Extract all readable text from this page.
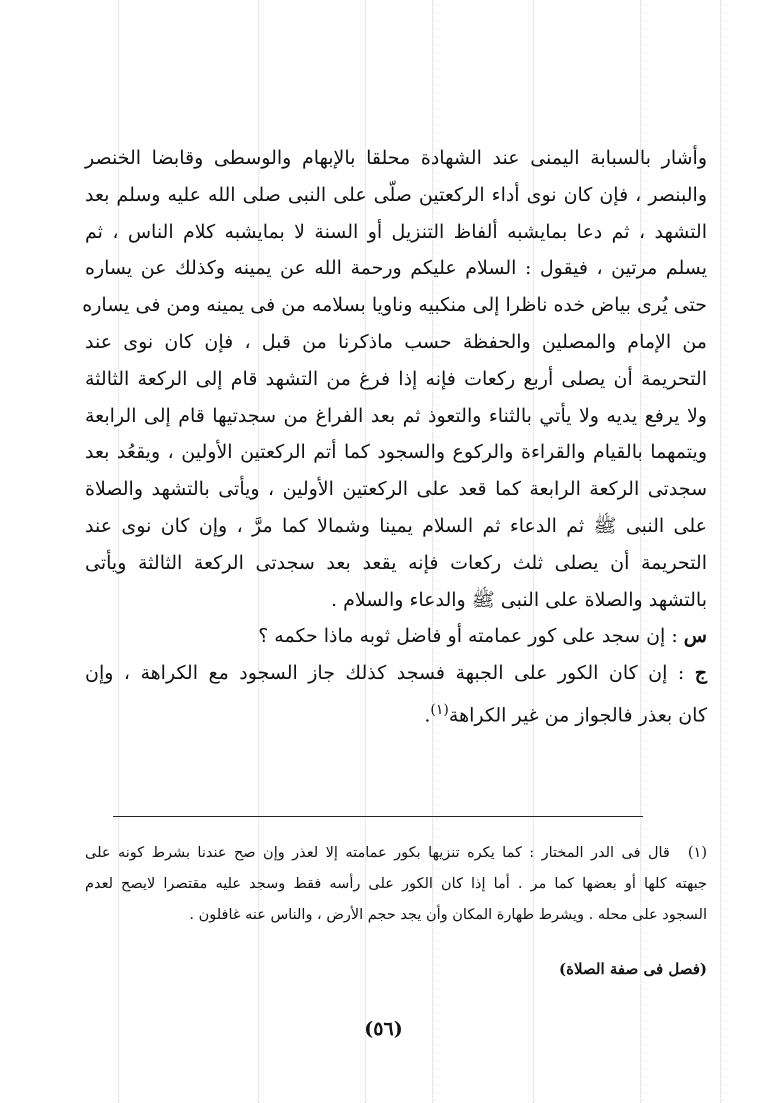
وأشار بالسبابة اليمنى عند الشهادة محلقا بالإبهام والوسطى وقابضا الخنصر
والبنصر ، فإن كان نوى أداء الركعتين صلّى على النبى صلى الله عليه وسلم بعد
التشهد ، ثم دعا بمايشبه ألفاظ التنزيل أو السنة لا بمايشبه كلام الناس ، ثم
يسلم مرتين ، فيقول : السلام عليكم ورحمة الله عن يمينه وكذلك عن يساره
حتى يُرى بياض خده ناظرا إلى منكبيه وناويا بسلامه من فى يمينه ومن فى يساره
من الإمام والمصلين والحفظة حسب ماذكرنا من قبل ، فإن كان نوى عند
التحريمة أن يصلى أربع ركعات فإنه إذا فرغ من التشهد قام إلى الركعة الثالثة
ولا يرفع يديه ولا يأتي بالثناء والتعوذ ثم بعد الفراغ من سجدتيها قام إلى الرابعة
ويتمهما بالقيام والقراءة والركوع والسجود كما أتم الركعتين الأولين ، ويقعُد بعد
سجدتى الركعة الرابعة كما قعد على الركعتين الأولين ، ويأتى بالتشهد والصلاة
على النبى ﷺ ثم الدعاء ثم السلام يمينا وشمالا كما مرَّ ، وإن كان نوى عند
التحريمة أن يصلى ثلث ركعات فإنه يقعد بعد سجدتى الركعة الثالثة ويأتى
بالتشهد والصلاة على النبى ﷺ والدعاء والسلام .
س : إن سجد على كور عمامته أو فاضل ثوبه ماذا حكمه ؟
ج : إن كان الكور على الجبهة فسجد كذلك جاز السجود مع الكراهة ، وإن
كان بعذر فالجواز من غير الكراهة$^{(١)}$.
(١)قال فى الدر المختار : كما يكره تنزيها بكور عمامته إلا لعذر وإن صح عندنا بشرط كونه على
جبهته كلها أو بعضها كما مر . أما إذا كان الكور على رأسه فقط وسجد عليه مقتصرا لايصح لعدم
السجود على محله . ويشرط طهارة المكان وأن يجد حجم الأرض ، والناس عنه غافلون .
(فصل فى صفة الصلاة)
(٥٦)
